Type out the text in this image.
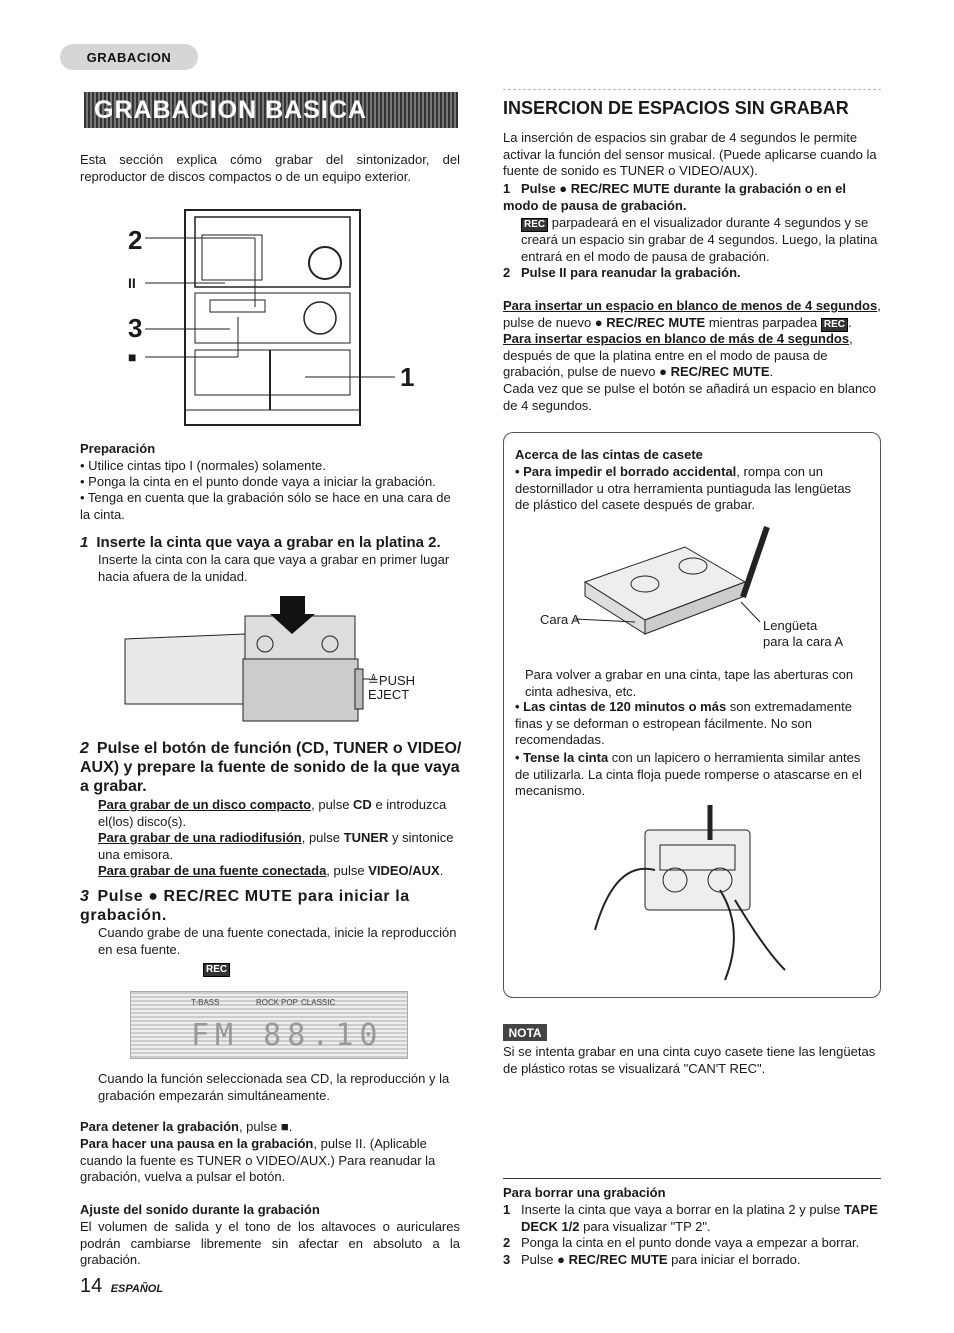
GRABACION
GRABACION BASICA

Esta sección explica cómo grabar del sintonizador, del reproductor de discos compactos o de un equipo exterior.

2
II
3
■
1

Preparación

• Utilice cintas tipo I (normales) solamente.

• Ponga la cinta en el punto donde vaya a iniciar la grabación.

• Tenga en cuenta que la grabación sólo se hace en una cara de la cinta.

1 Inserte la cinta que vaya a grabar en la platina 2.

Inserte la cinta con la cara que vaya a grabar en primer lugar hacia afuera de la unidad.

≜PUSH
EJECT
2 Pulse el botón de función (CD, TUNER o VIDEO/ AUX) y prepare la fuente de sonido de la que vaya a grabar.

Para grabar de un disco compacto, pulse CD e introduzca el(los) disco(s).

Para grabar de una radiodifusión, pulse TUNER y sintonice una emisora.

Para grabar de una fuente conectada, pulse VIDEO/AUX.

3 Pulse ● REC/REC MUTE para iniciar la grabación.

Cuando grabe de una fuente conectada, inicie la reproducción en esa fuente.

REC
T-BASS	ROCK POP CLASSIC
FM 88.10

Cuando la función seleccionada sea CD, la reproducción y la grabación empezarán simultáneamente.

Para detener la grabación, pulse ■.

Para hacer una pausa en la grabación, pulse II. (Aplicable cuando la fuente es TUNER o VIDEO/AUX.) Para reanudar la grabación, vuelva a pulsar el botón.

Ajuste del sonido durante la grabación

El volumen de salida y el tono de los altavoces o auriculares podrán cambiarse libremente sin afectar en absoluto a la grabación.

14 ESPAÑOL
INSERCION DE ESPACIOS SIN GRABAR

La inserción de espacios sin grabar de 4 segundos le permite activar la función del sensor musical. (Puede aplicarse cuando la fuente de sonido es TUNER o VIDEO/AUX).

1 Pulse ● REC/REC MUTE durante la grabación o en el modo de pausa de grabación.

REC parpadeará en el visualizador durante 4 segundos y se creará un espacio sin grabar de 4 segundos. Luego, la platina entrará en el modo de pausa de grabación.

2 Pulse II para reanudar la grabación.

Para insertar un espacio en blanco de menos de 4 segundos, pulse de nuevo ● REC/REC MUTE mientras parpadea REC .

Para insertar espacios en blanco de más de 4 segundos, después de que la platina entre en el modo de pausa de grabación, pulse de nuevo ● REC/REC MUTE.

Cada vez que se pulse el botón se añadirá un espacio en blanco de 4 segundos.

Acerca de las cintas de casete

• Para impedir el borrado accidental, rompa con un destornillador u otra herramienta puntiaguda las lengüetas de plástico del casete después de grabar.

Cara A	Lengüeta
para la cara A

Para volver a grabar en una cinta, tape las aberturas con cinta adhesiva, etc.

• Las cintas de 120 minutos o más son extremadamente finas y se deforman o estropean fácilmente. No son recomendadas.

• Tense la cinta con un lapicero o herramienta similar antes de utilizarla. La cinta floja puede romperse o atascarse en el mecanismo.

NOTA

Si se intenta grabar en una cinta cuyo casete tiene las lengüetas de plástico rotas se visualizará "CAN'T REC".

Para borrar una grabación

1 Inserte la cinta que vaya a borrar en la platina 2 y pulse TAPE DECK 1/2 para visualizar "TP 2".

2 Ponga la cinta en el punto donde vaya a empezar a borrar.

3 Pulse ● REC/REC MUTE para iniciar el borrado.
